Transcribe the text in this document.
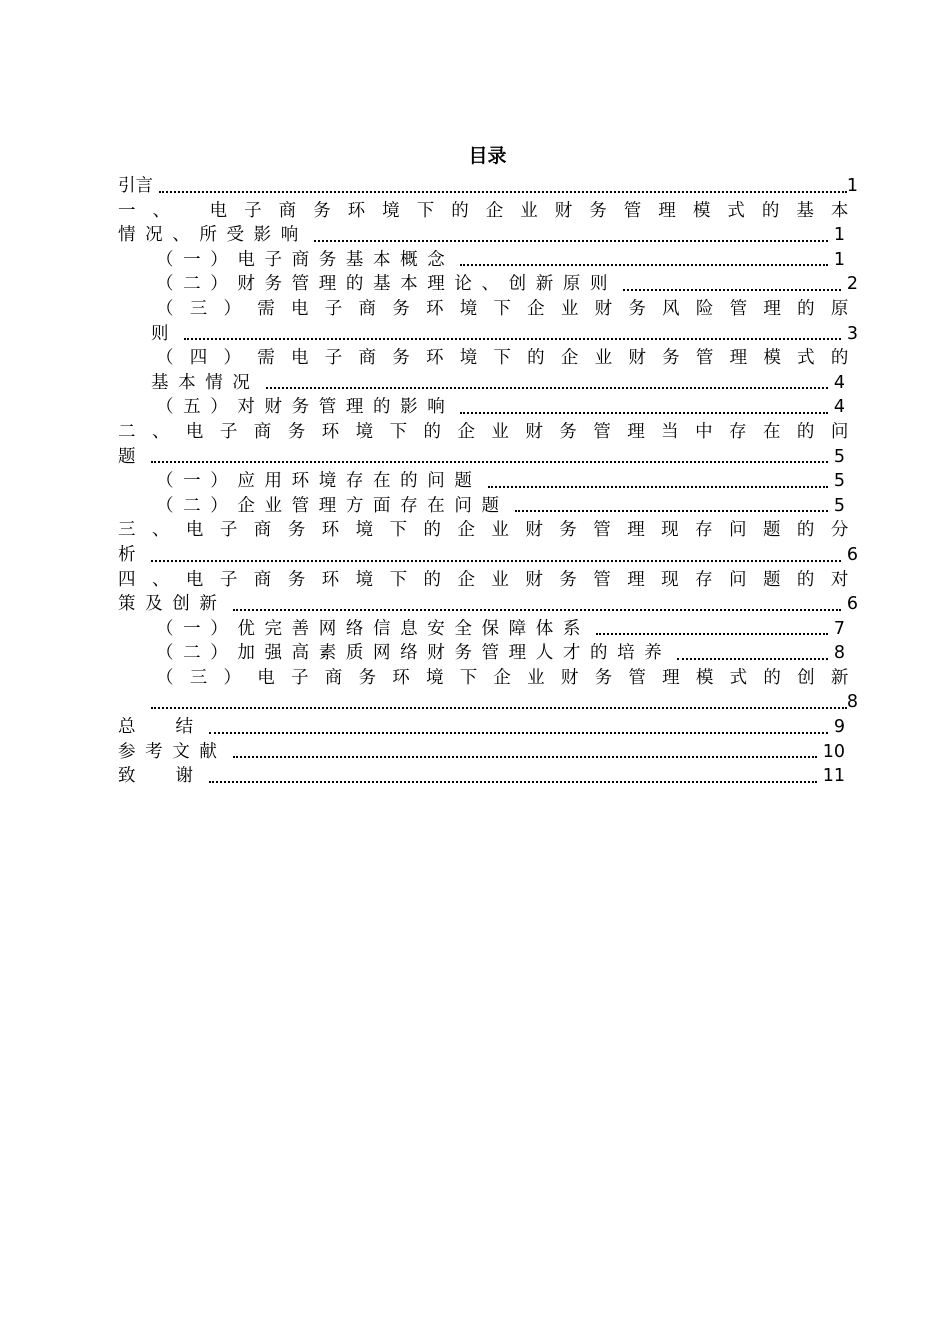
目录
引言	1
一、 电子商务环境下的企业财务管理模式的基本
情况、所受影响	1
（一）电子商务基本概念	1
（二）财务管理的基本理论、创新原则	2
（三）需电子商务环境下企业财务风险管理的原
则	3
（四）需电子商务环境下的企业财务管理模式的
基本情况	4
（五）对财务管理的影响	4
二、电子商务环境下的企业财务管理当中存在的问
题	5
（一）应用环境存在的问题	5
（二）企业管理方面存在问题	5
三、电子商务环境下的企业财务管理现存问题的分
析	6
四、电子商务环境下的企业财务管理现存问题的对
策及创新	6
（一）优完善网络信息安全保障体系	7
（二）加强高素质网络财务管理人才的培养	8
（三）电子商务环境下企业财务管理模式的创新
8
总  结	9
参考文献	10
致  谢	11
